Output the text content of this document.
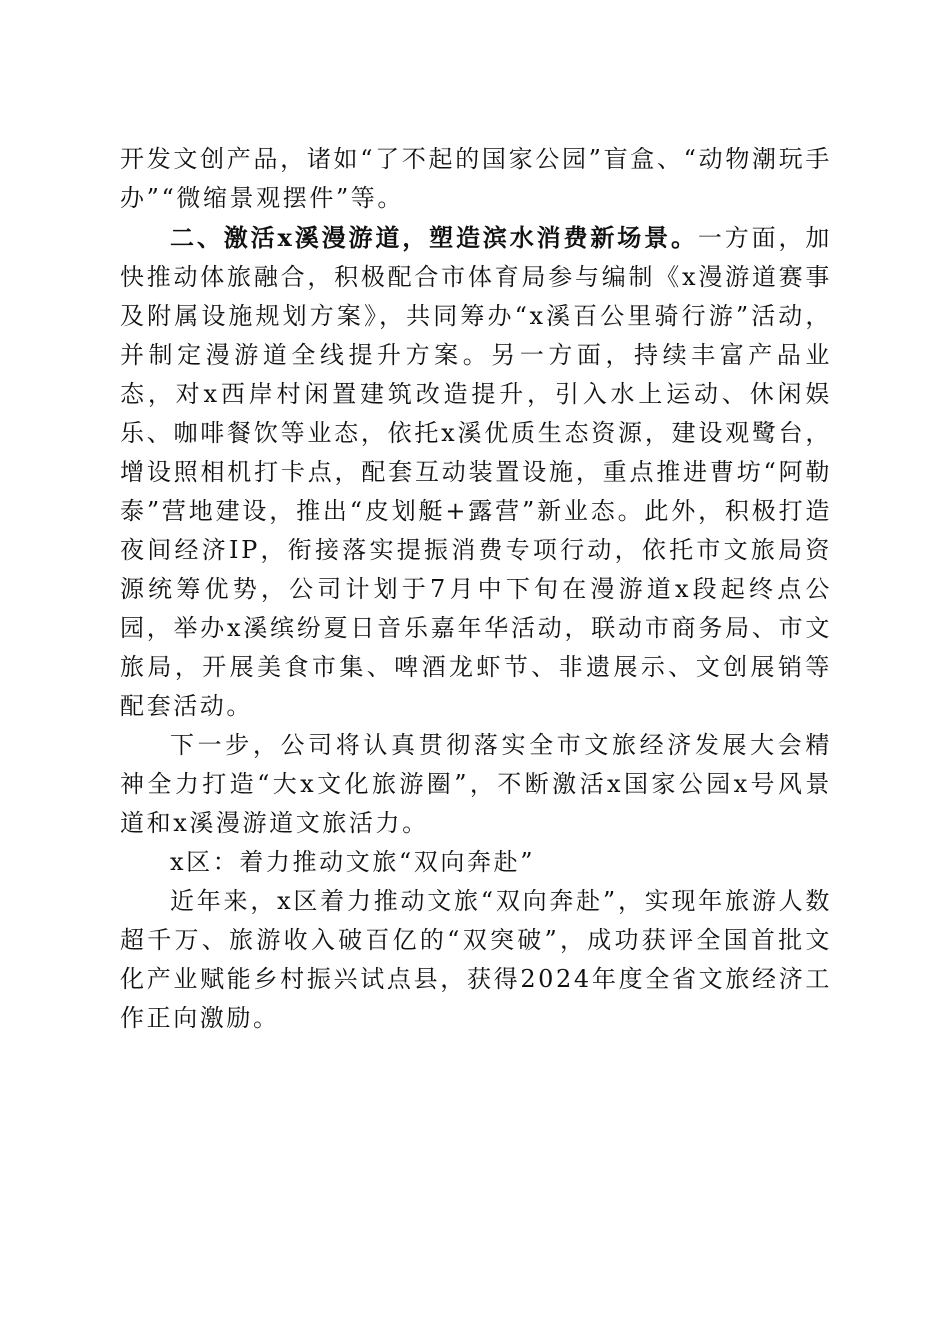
开发文创产品，诸如“了不起的国家公园”盲盒、“动物潮玩手办”“微缩景观摆件”等。

二、激活x溪漫游道，塑造滨水消费新场景。一方面，加快推动体旅融合，积极配合市体育局参与编制《x漫游道赛事及附属设施规划方案》，共同筹办“x溪百公里骑行游”活动，并制定漫游道全线提升方案。另一方面，持续丰富产品业态，对x西岸村闲置建筑改造提升，引入水上运动、休闲娱乐、咖啡餐饮等业态，依托x溪优质生态资源，建设观鹭台，增设照相机打卡点，配套互动装置设施，重点推进曹坊“阿勒泰”营地建设，推出“皮划艇+露营”新业态。此外，积极打造夜间经济IP，衔接落实提振消费专项行动，依托市文旅局资源统筹优势，公司计划于7月中下旬在漫游道x段起终点公园，举办x溪缤纷夏日音乐嘉年华活动，联动市商务局、市文旅局，开展美食市集、啤酒龙虾节、非遗展示、文创展销等配套活动。

下一步，公司将认真贯彻落实全市文旅经济发展大会精神全力打造“大x文化旅游圈”，不断激活x国家公园x号风景道和x溪漫游道文旅活力。

x区：着力推动文旅“双向奔赴”

近年来，x区着力推动文旅“双向奔赴”，实现年旅游人数超千万、旅游收入破百亿的“双突破”，成功获评全国首批文化产业赋能乡村振兴试点县，获得2024年度全省文旅经济工作正向激励。
